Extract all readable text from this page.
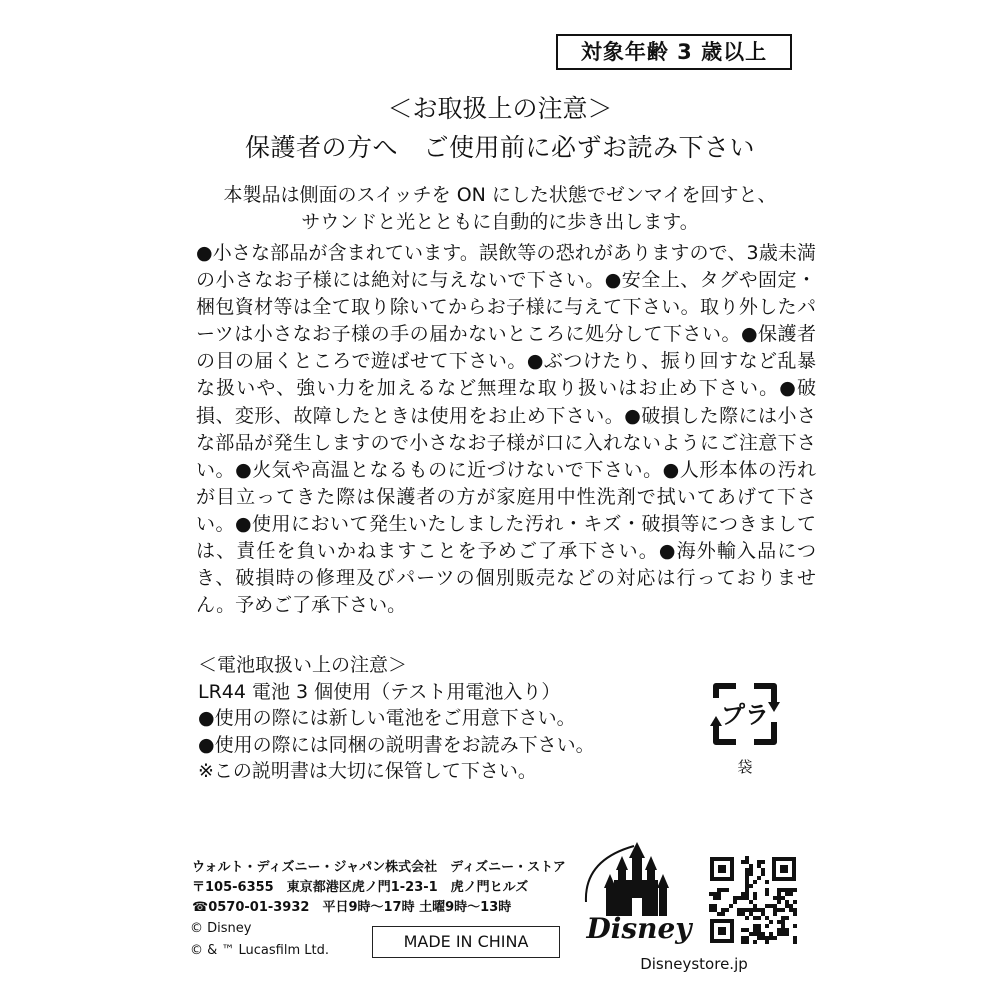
対象年齢 3 歳以上
＜お取扱上の注意＞
保護者の方へ　ご使用前に必ずお読み下さい
本製品は側面のスイッチを ON にした状態でゼンマイを回すと、
サウンドと光とともに自動的に歩き出します。
●小さな部品が含まれています。誤飲等の恐れがありますので、3歳未満の小さなお子様には絶対に与えないで下さい。●安全上、タグや固定・梱包資材等は全て取り除いてからお子様に与えて下さい。取り外したパーツは小さなお子様の手の届かないところに処分して下さい。●保護者の目の届くところで遊ばせて下さい。●ぶつけたり、振り回すなど乱暴な扱いや、強い力を加えるなど無理な取り扱いはお止め下さい。●破損、変形、故障したときは使用をお止め下さい。●破損した際には小さな部品が発生しますので小さなお子様が口に入れないようにご注意下さい。●火気や高温となるものに近づけないで下さい。●人形本体の汚れが目立ってきた際は保護者の方が家庭用中性洗剤で拭いてあげて下さい。●使用において発生いたしました汚れ・キズ・破損等につきましては、責任を負いかねますことを予めご了承下さい。●海外輸入品につき、破損時の修理及びパーツの個別販売などの対応は行っておりません。予めご了承下さい。
＜電池取扱い上の注意＞
LR44 電池 3 個使用（テスト用電池入り）
●使用の際には新しい電池をご用意下さい。
●使用の際には同梱の説明書をお読み下さい。
※この説明書は大切に保管して下さい。
プラ
袋
ウォルト・ディズニー・ジャパン株式会社　ディズニー・ストア
〒105-6355　東京都港区虎ノ門1-23-1　虎ノ門ヒルズ
☎0570-01-3932　平日9時～17時 土曜9時～13時
© Disney
© & ™ Lucasfilm Ltd.	MADE IN CHINA	Disney
Disneystore.jp
